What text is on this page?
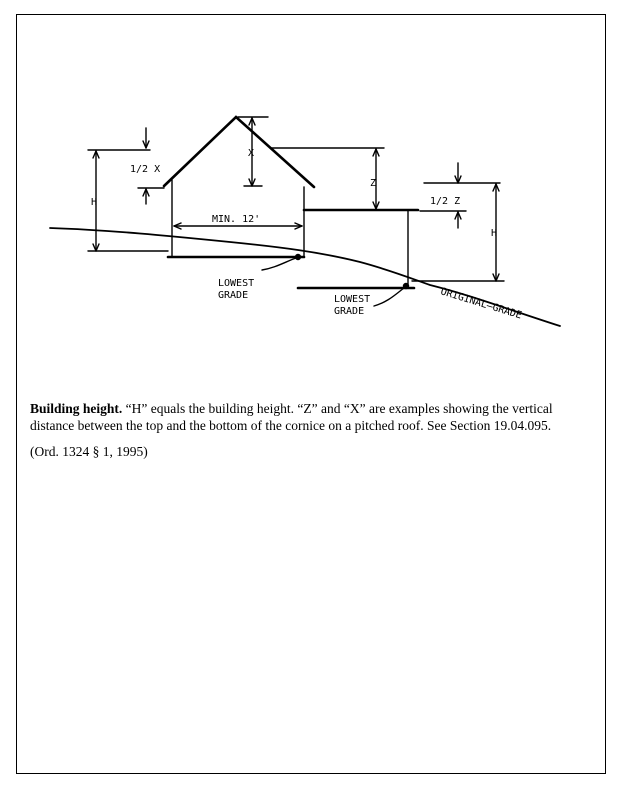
1/2 X
X
Z
1/2 Z
H
H
MIN. 12'
LOWEST
GRADE	LOWEST
GRADE	ORIGINAL—GRADE
Building height. “H” equals the building height. “Z” and “X” are examples showing the vertical distance between the top and the bottom of the cornice on a pitched roof. See Section 19.04.095.
(Ord. 1324 § 1, 1995)
